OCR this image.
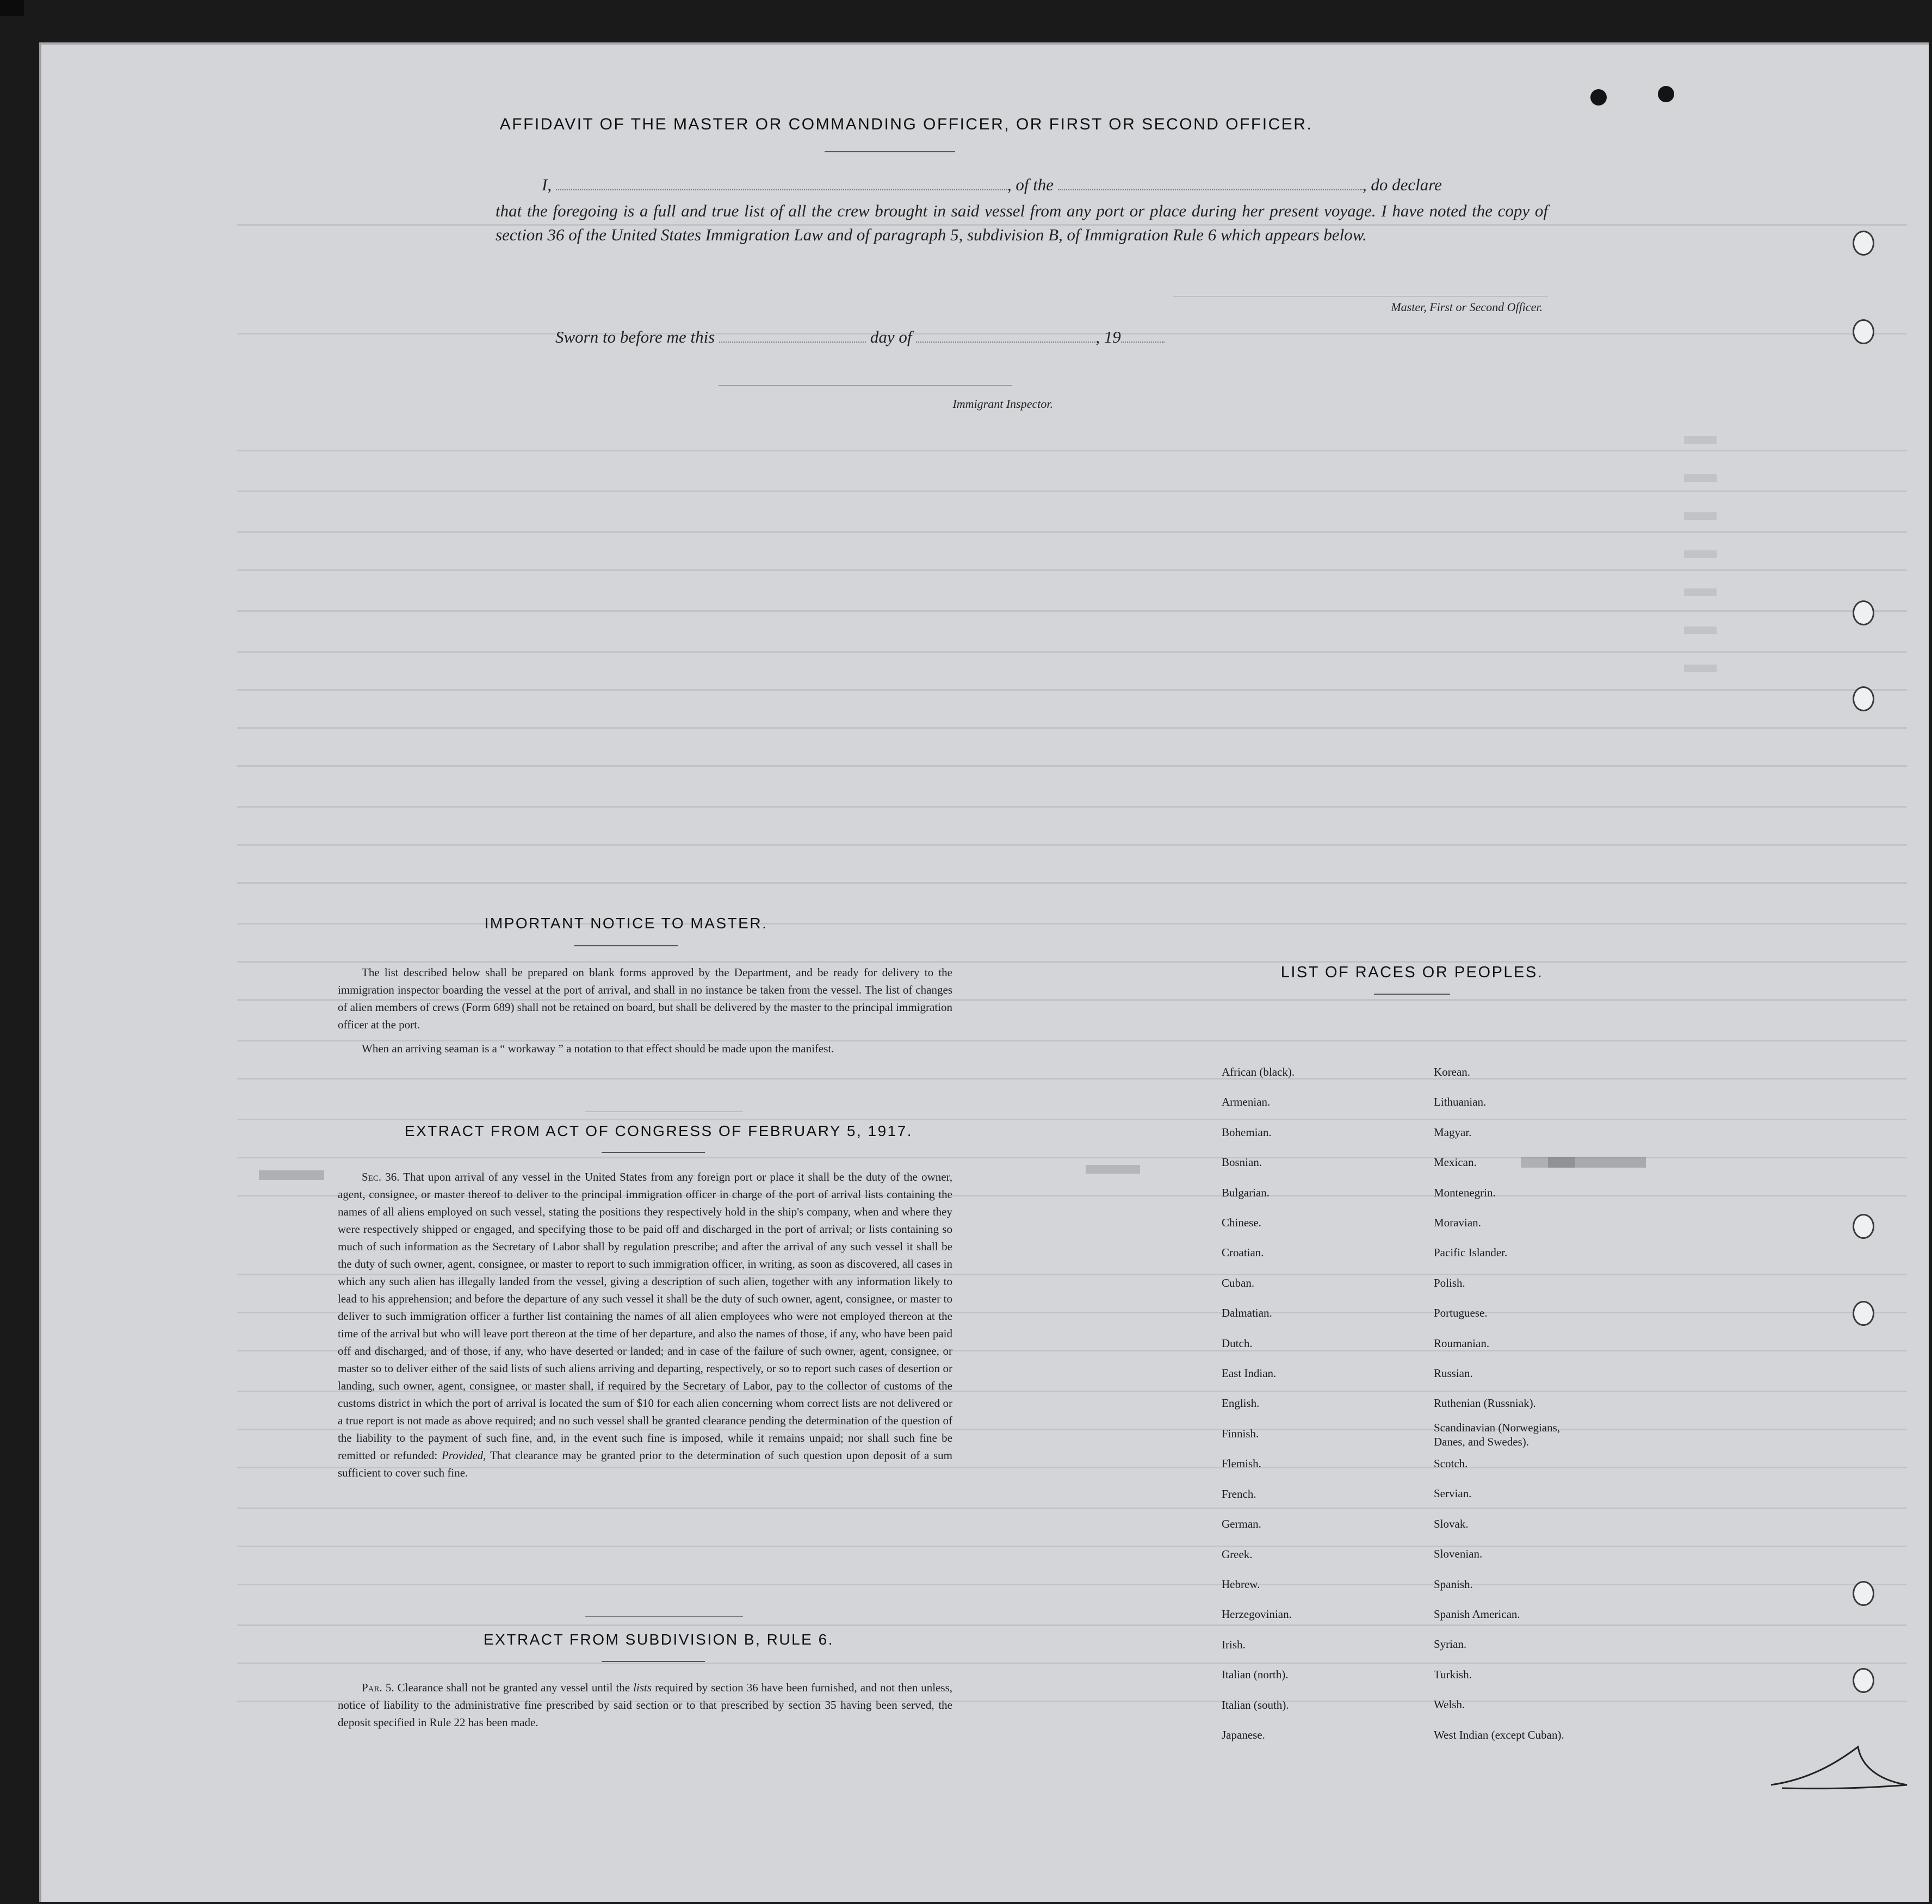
AFFIDAVIT OF THE MASTER OR COMMANDING OFFICER, OR FIRST OR SECOND OFFICER.
I,	, of the	, do declare
that the foregoing is a full and true list of all the crew brought in said vessel from any port or place during her present voyage. I have noted the copy of section 36 of the United States Immigration Law and of paragraph 5, subdivision B, of Immigration Rule 6 which appears below.
Master, First or Second Officer.
Sworn to before me this	day of	, 19
Immigrant Inspector.
IMPORTANT NOTICE TO MASTER.

The list described below shall be prepared on blank forms approved by the Department, and be ready for delivery to the immigration inspector boarding the vessel at the port of arrival, and shall in no instance be taken from the vessel. The list of changes of alien members of crews (Form 689) shall not be retained on board, but shall be delivered by the master to the principal immigration officer at the port.

When an arriving seaman is a “ workaway ” a notation to that effect should be made upon the manifest.

EXTRACT FROM ACT OF CONGRESS OF FEBRUARY 5, 1917.

Sec. 36. That upon arrival of any vessel in the United States from any foreign port or place it shall be the duty of the owner, agent, consignee, or master thereof to deliver to the principal immigration officer in charge of the port of arrival lists containing the names of all aliens employed on such vessel, stating the positions they respectively hold in the ship's company, when and where they were respectively shipped or engaged, and specifying those to be paid off and discharged in the port of arrival; or lists containing so much of such information as the Secretary of Labor shall by regulation prescribe; and after the arrival of any such vessel it shall be the duty of such owner, agent, consignee, or master to report to such immigration officer, in writing, as soon as discovered, all cases in which any such alien has illegally landed from the vessel, giving a description of such alien, together with any information likely to lead to his apprehension; and before the departure of any such vessel it shall be the duty of such owner, agent, consignee, or master to deliver to such immigration officer a further list containing the names of all alien employees who were not employed thereon at the time of the arrival but who will leave port thereon at the time of her departure, and also the names of those, if any, who have been paid off and discharged, and of those, if any, who have deserted or landed; and in case of the failure of such owner, agent, consignee, or master so to deliver either of the said lists of such aliens arriving and departing, respectively, or so to report such cases of desertion or landing, such owner, agent, consignee, or master shall, if required by the Secretary of Labor, pay to the collector of customs of the customs district in which the port of arrival is located the sum of $10 for each alien concerning whom correct lists are not delivered or a true report is not made as above required; and no such vessel shall be granted clearance pending the determination of the question of the liability to the payment of such fine, and, in the event such fine is imposed, while it remains unpaid; nor shall such fine be remitted or refunded: Provided, That clearance may be granted prior to the determination of such question upon deposit of a sum sufficient to cover such fine.

EXTRACT FROM SUBDIVISION B, RULE 6.

Par. 5. Clearance shall not be granted any vessel until the lists required by section 36 have been furnished, and not then unless, notice of liability to the administrative fine prescribed by said section or to that prescribed by section 35 having been served, the deposit specified in Rule 22 has been made.

LIST OF RACES OR PEOPLES.
African (black).
Armenian.
Bohemian.
Bosnian.
Bulgarian.
Chinese.
Croatian.
Cuban.
Dalmatian.
Dutch.
East Indian.
English.
Finnish.
Flemish.
French.
German.
Greek.
Hebrew.
Herzegovinian.
Irish.
Italian (north).
Italian (south).
Japanese.
Korean.
Lithuanian.
Magyar.
Mexican.
Montenegrin.
Moravian.
Pacific Islander.
Polish.
Portuguese.
Roumanian.
Russian.
Ruthenian (Russniak).
Scandinavian (Norwegians,
Danes, and Swedes).
Scotch.
Servian.
Slovak.
Slovenian.
Spanish.
Spanish American.
Syrian.
Turkish.
Welsh.
West Indian (except Cuban).
